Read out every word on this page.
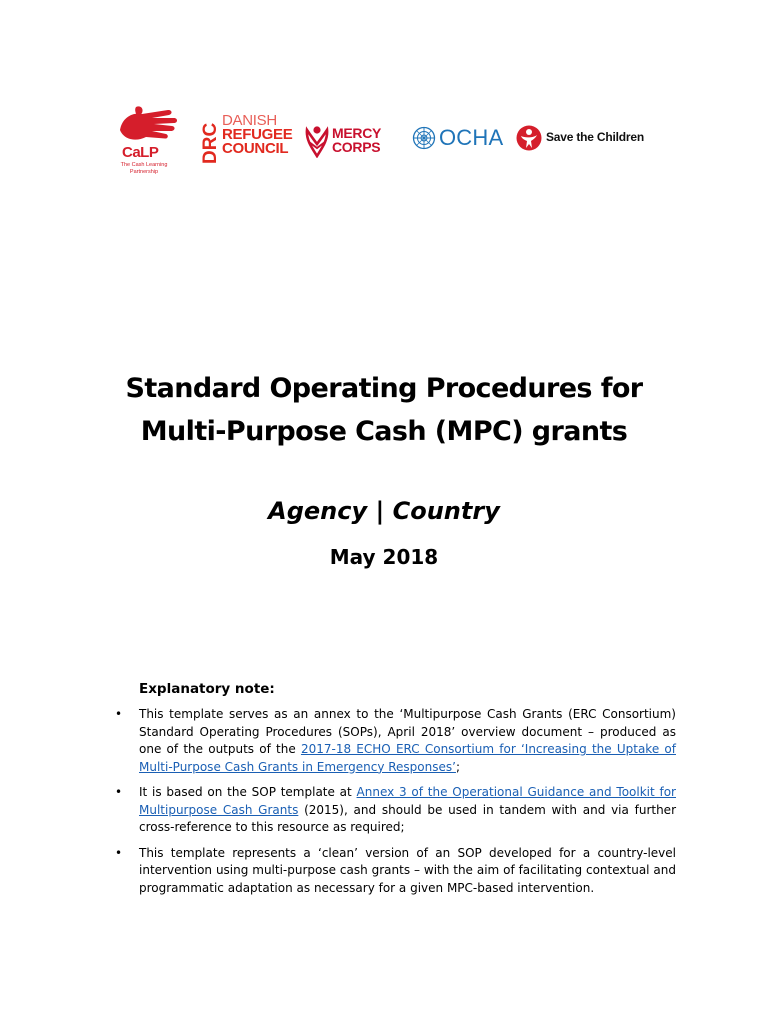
CaLP
The Cash Learning Partnership
DRC
DANISH
REFUGEE
COUNCIL
MERCY
CORPS	OCHA	Save the Children
Standard Operating Procedures for
Multi-Purpose Cash (MPC) grants
Agency | Country
May 2018
Explanatory note:
• This template serves as an annex to the ‘Multipurpose Cash Grants (ERC Consortium) Standard Operating Procedures (SOPs), April 2018’ overview document – produced as one of the outputs of the 2017-18 ECHO ERC Consortium for ‘Increasing the Uptake of Multi-Purpose Cash Grants in Emergency Responses’;
• It is based on the SOP template at Annex 3 of the Operational Guidance and Toolkit for Multipurpose Cash Grants (2015), and should be used in tandem with and via further cross-reference to this resource as required;
• This template represents a ‘clean’ version of an SOP developed for a country-level intervention using multi-purpose cash grants – with the aim of facilitating contextual and programmatic adaptation as necessary for a given MPC-based intervention.
